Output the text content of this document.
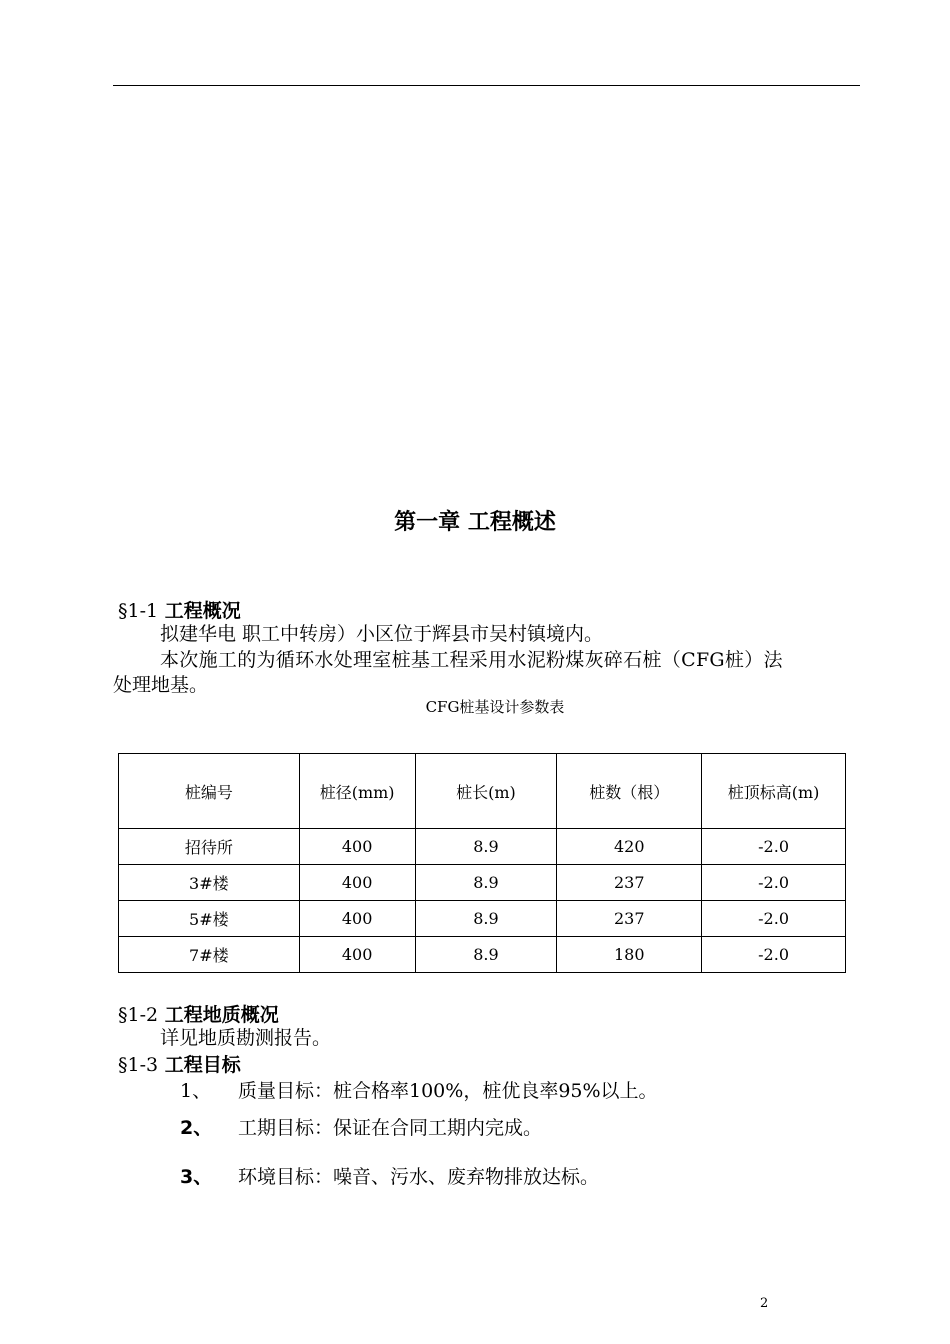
第一章 工程概述
§1-1 工程概况
拟建华电 职工中转房）小区位于辉县市吴村镇境内。
本次施工的为循环水处理室桩基工程采用水泥粉煤灰碎石桩（CFG桩）法
处理地基。
CFG桩基设计参数表
桩编号	桩径(mm)	桩长(m)	桩数（根）	桩顶标高(m)
招待所	400	8.9	420	-2.0
3#楼	400	8.9	237	-2.0
5#楼	400	8.9	237	-2.0
7#楼	400	8.9	180	-2.0
§1-2 工程地质概况
详见地质勘测报告。
§1-3 工程目标
1、 质量目标：桩合格率100%，桩优良率95%以上。
2、 工期目标：保证在合同工期内完成。
3、 环境目标：噪音、污水、废弃物排放达标。
2
